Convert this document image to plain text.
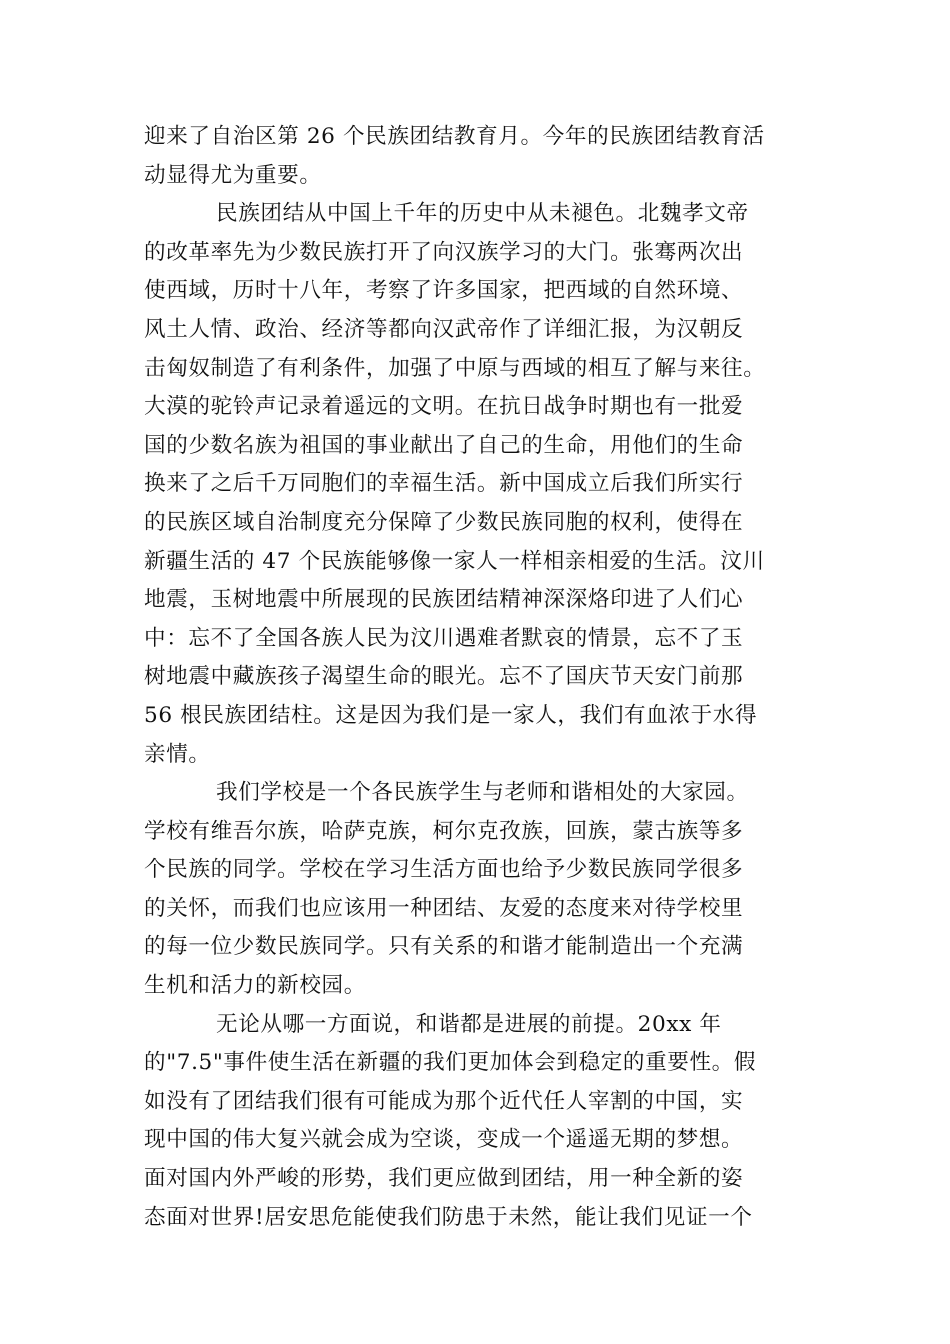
迎来了自治区第 26 个民族团结教育月。今年的民族团结教育活
动显得尤为重要。
民族团结从中国上千年的历史中从未褪色。北魏孝文帝
的改革率先为少数民族打开了向汉族学习的大门。张骞两次出
使西域，历时十八年，考察了许多国家，把西域的自然环境、
风土人情、政治、经济等都向汉武帝作了详细汇报，为汉朝反
击匈奴制造了有利条件，加强了中原与西域的相互了解与来往。
大漠的驼铃声记录着遥远的文明。在抗日战争时期也有一批爱
国的少数名族为祖国的事业献出了自己的生命，用他们的生命
换来了之后千万同胞们的幸福生活。新中国成立后我们所实行
的民族区域自治制度充分保障了少数民族同胞的权利，使得在
新疆生活的 47 个民族能够像一家人一样相亲相爱的生活。汶川
地震，玉树地震中所展现的民族团结精神深深烙印进了人们心
中：忘不了全国各族人民为汶川遇难者默哀的情景，忘不了玉
树地震中藏族孩子渴望生命的眼光。忘不了国庆节天安门前那
56 根民族团结柱。这是因为我们是一家人，我们有血浓于水得
亲情。
我们学校是一个各民族学生与老师和谐相处的大家园。
学校有维吾尔族，哈萨克族，柯尔克孜族，回族，蒙古族等多
个民族的同学。学校在学习生活方面也给予少数民族同学很多
的关怀，而我们也应该用一种团结、友爱的态度来对待学校里
的每一位少数民族同学。只有关系的和谐才能制造出一个充满
生机和活力的新校园。
无论从哪一方面说，和谐都是进展的前提。20xx 年
的"7.5"事件使生活在新疆的我们更加体会到稳定的重要性。假
如没有了团结我们很有可能成为那个近代任人宰割的中国，实
现中国的伟大复兴就会成为空谈，变成一个遥遥无期的梦想。
面对国内外严峻的形势，我们更应做到团结，用一种全新的姿
态面对世界!居安思危能使我们防患于未然，能让我们见证一个
